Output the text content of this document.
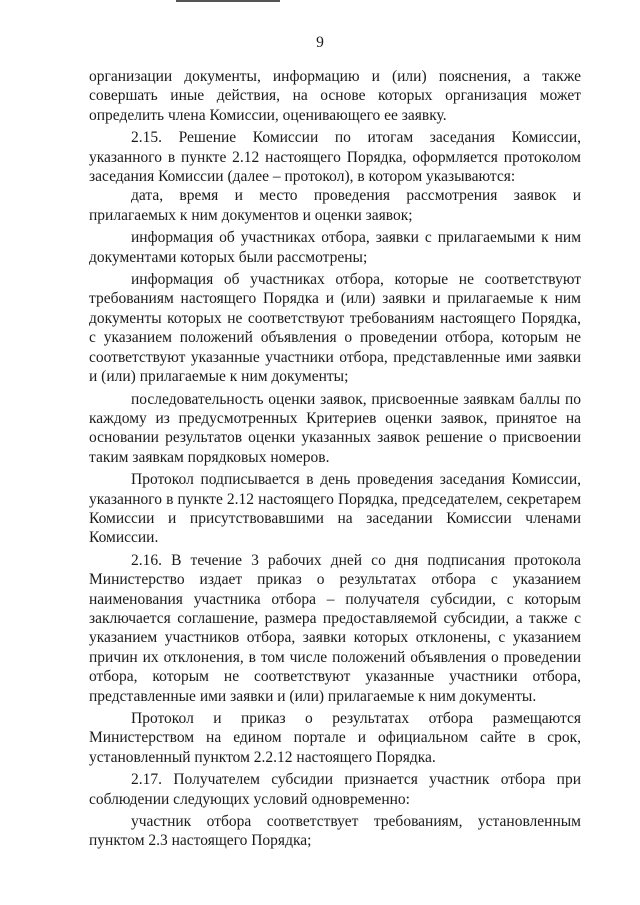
9

организации документы, информацию и (или) пояснения, а также совершать иные действия, на основе которых организация может определить члена Комиссии, оценивающего ее заявку.

2.15. Решение Комиссии по итогам заседания Комиссии, указанного в пункте 2.12 настоящего Порядка, оформляется протоколом заседания Комиссии (далее – протокол), в котором указываются:

дата, время и место проведения рассмотрения заявок и прилагаемых к ним документов и оценки заявок;

информация об участниках отбора, заявки с прилагаемыми к ним документами которых были рассмотрены;

информация об участниках отбора, которые не соответствуют требованиям настоящего Порядка и (или) заявки и прилагаемые к ним документы которых не соответствуют требованиям настоящего Порядка, с указанием положений объявления о проведении отбора, которым не соответствуют указанные участники отбора, представленные ими заявки и (или) прилагаемые к ним документы;

последовательность оценки заявок, присвоенные заявкам баллы по каждому из предусмотренных Критериев оценки заявок, принятое на основании результатов оценки указанных заявок решение о присвоении таким заявкам порядковых номеров.

Протокол подписывается в день проведения заседания Комиссии, указанного в пункте 2.12 настоящего Порядка, председателем, секретарем Комиссии и присутствовавшими на заседании Комиссии членами Комиссии.

2.16. В течение 3 рабочих дней со дня подписания протокола Министерство издает приказ о результатах отбора с указанием наименования участника отбора – получателя субсидии, с которым заключается соглашение, размера предоставляемой субсидии, а также с указанием участников отбора, заявки которых отклонены, с указанием причин их отклонения, в том числе положений объявления о проведении отбора, которым не соответствуют указанные участники отбора, представленные ими заявки и (или) прилагаемые к ним документы.

Протокол и приказ о результатах отбора размещаются Министерством на едином портале и официальном сайте в срок, установленный пунктом 2.2.12 настоящего Порядка.

2.17. Получателем субсидии признается участник отбора при соблюдении следующих условий одновременно:

участник отбора соответствует требованиям, установленным пунктом 2.3 настоящего Порядка;
